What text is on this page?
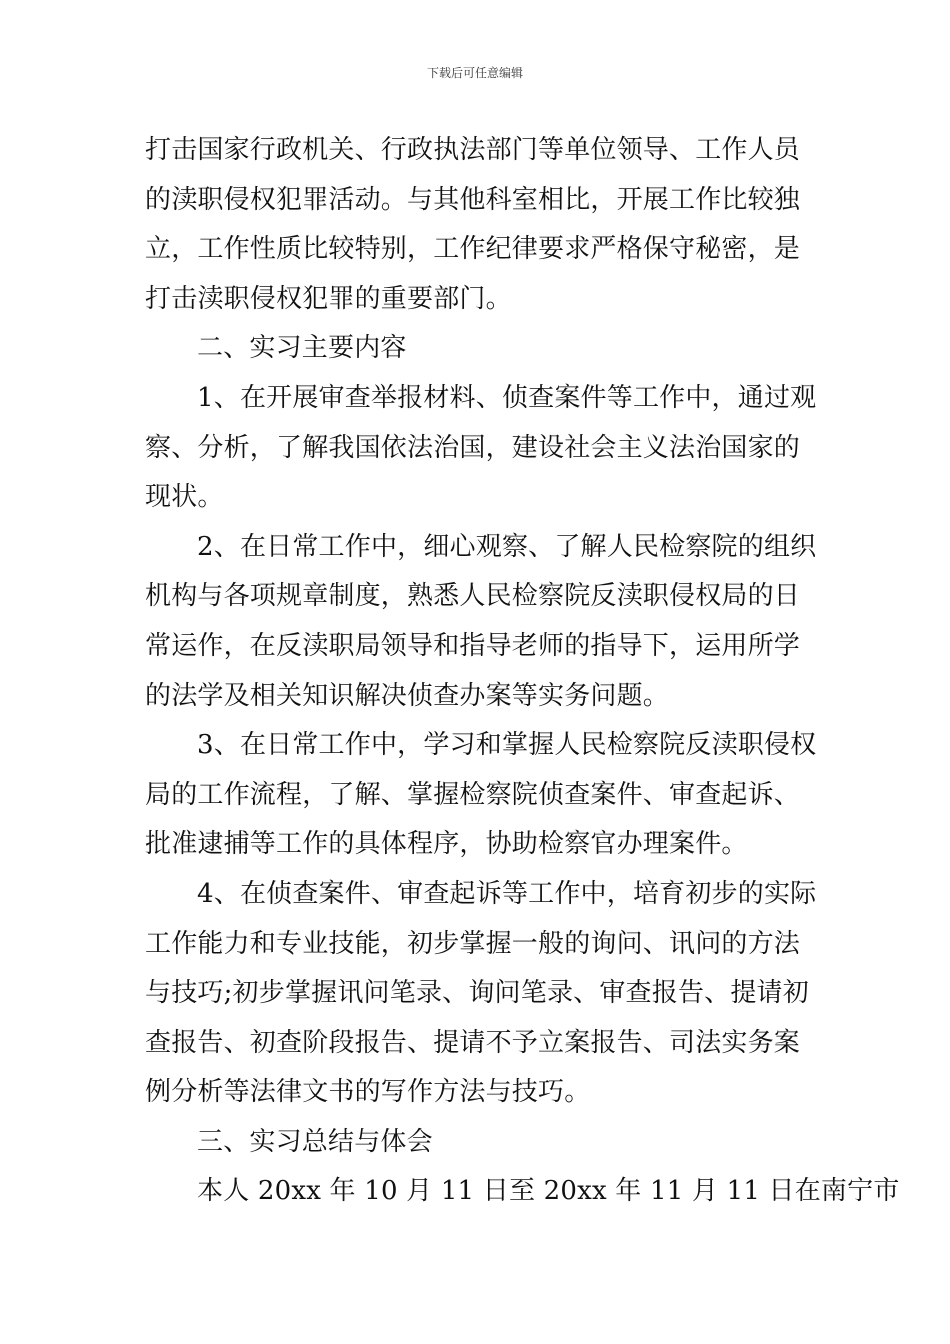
下载后可任意编辑
打击国家行政机关、行政执法部门等单位领导、工作人员
的渎职侵权犯罪活动。与其他科室相比，开展工作比较独
立，工作性质比较特别，工作纪律要求严格保守秘密，是
打击渎职侵权犯罪的重要部门。
二、实习主要内容
1、在开展审查举报材料、侦查案件等工作中，通过观
察、分析，了解我国依法治国，建设社会主义法治国家的
现状。
2、在日常工作中，细心观察、了解人民检察院的组织
机构与各项规章制度，熟悉人民检察院反渎职侵权局的日
常运作，在反渎职局领导和指导老师的指导下，运用所学
的法学及相关知识解决侦查办案等实务问题。
3、在日常工作中，学习和掌握人民检察院反渎职侵权
局的工作流程，了解、掌握检察院侦查案件、审查起诉、
批准逮捕等工作的具体程序，协助检察官办理案件。
4、在侦查案件、审查起诉等工作中，培育初步的实际
工作能力和专业技能，初步掌握一般的询问、讯问的方法
与技巧;初步掌握讯问笔录、询问笔录、审查报告、提请初
查报告、初查阶段报告、提请不予立案报告、司法实务案
例分析等法律文书的写作方法与技巧。
三、实习总结与体会
本人 20xx 年 10 月 11 日至 20xx 年 11 月 11 日在南宁市
